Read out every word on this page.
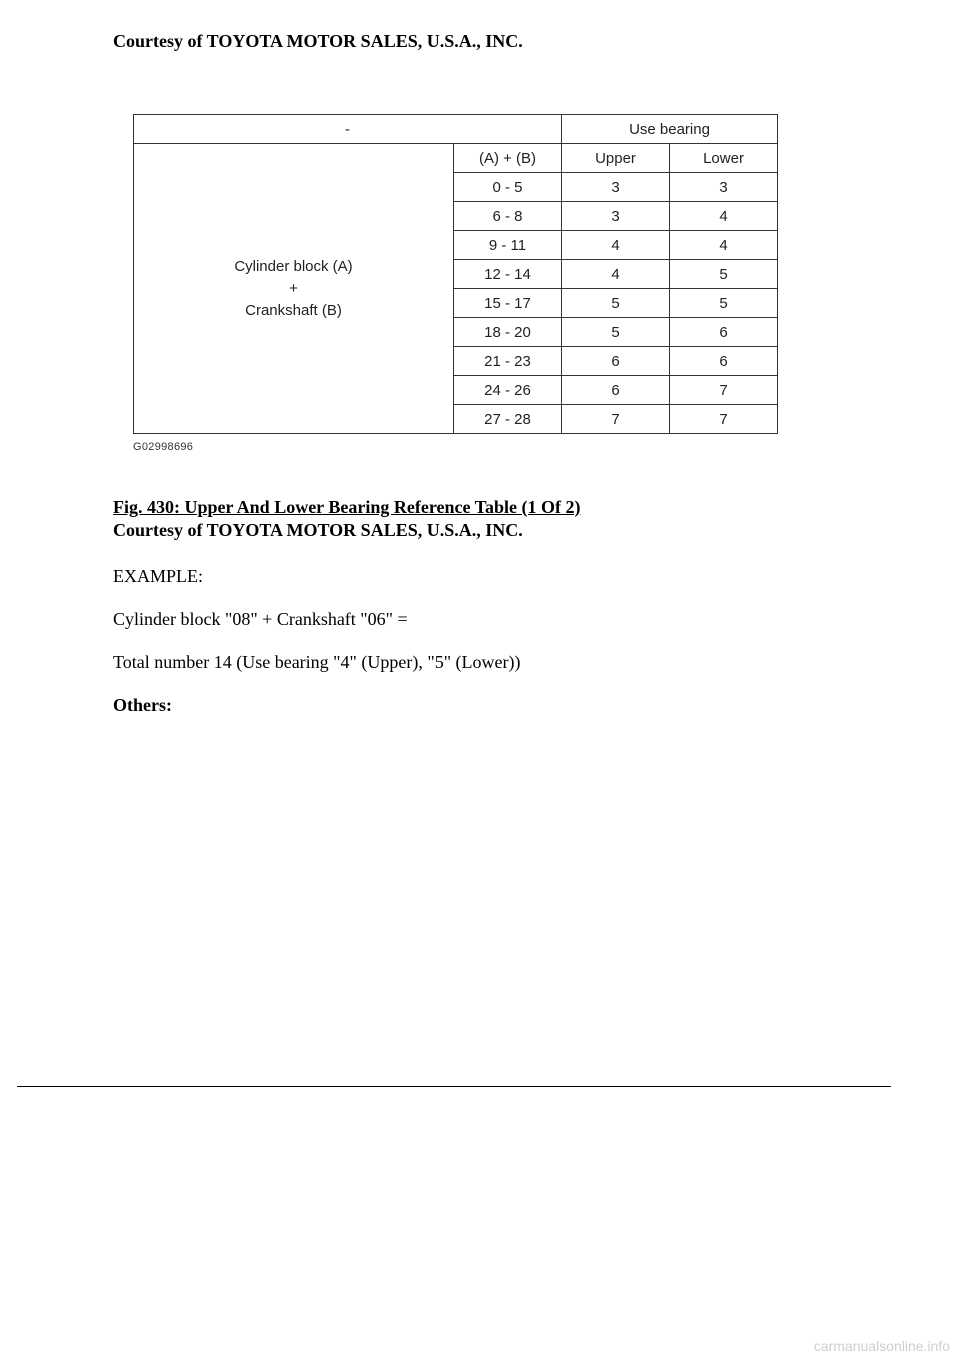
Courtesy of TOYOTA MOTOR SALES, U.S.A., INC.
-		Use bearing	

Cylinder block (A)
+
Crankshaft (B)	(A) + (B)	Upper	Lower
	0 - 5	3	3
	6 - 8	3	4
	9 - 11	4	4
	12 - 14	4	5
	15 - 17	5	5
	18 - 20	5	6
	21 - 23	6	6
	24 - 26	6	7
	27 - 28	7	7
G02998696
Fig. 430: Upper And Lower Bearing Reference Table (1 Of 2)
Courtesy of TOYOTA MOTOR SALES, U.S.A., INC.
EXAMPLE:
Cylinder block "08" + Crankshaft "06" =
Total number 14 (Use bearing "4" (Upper), "5" (Lower))
Others:
carmanualsonline.info
